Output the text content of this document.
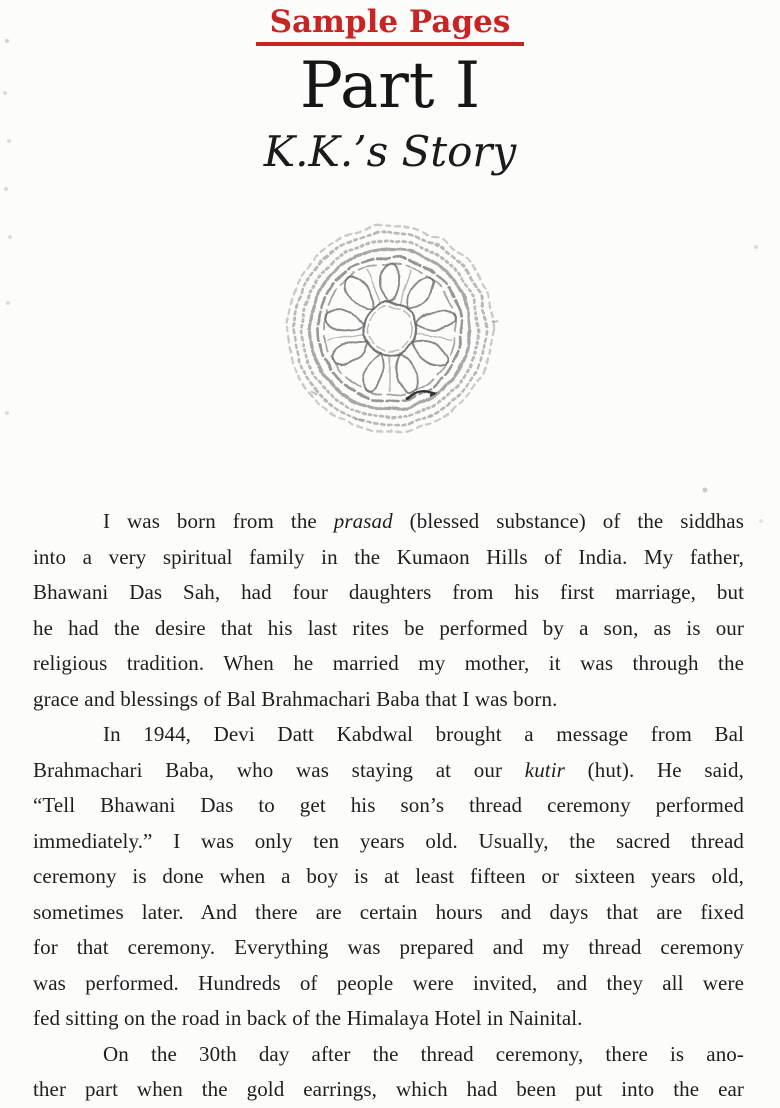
Sample Pages
Part I
K.K.’s Story
I was born from the prasad (blessed substance) of the siddhas
into a very spiritual family in the Kumaon Hills of India. My father,
Bhawani Das Sah, had four daughters from his first marriage, but
he had the desire that his last rites be performed by a son, as is our
religious tradition. When he married my mother, it was through the
grace and blessings of Bal Brahmachari Baba that I was born.
In 1944, Devi Datt Kabdwal brought a message from Bal
Brahmachari Baba, who was staying at our kutir (hut). He said,
“Tell Bhawani Das to get his son’s thread ceremony performed
immediately.” I was only ten years old. Usually, the sacred thread
ceremony is done when a boy is at least fifteen or sixteen years old,
sometimes later. And there are certain hours and days that are fixed
for that ceremony. Everything was prepared and my thread ceremony
was performed. Hundreds of people were invited, and they all were
fed sitting on the road in back of the Himalaya Hotel in Nainital.
On the 30th day after the thread ceremony, there is ano-
ther part when the gold earrings, which had been put into the ear
